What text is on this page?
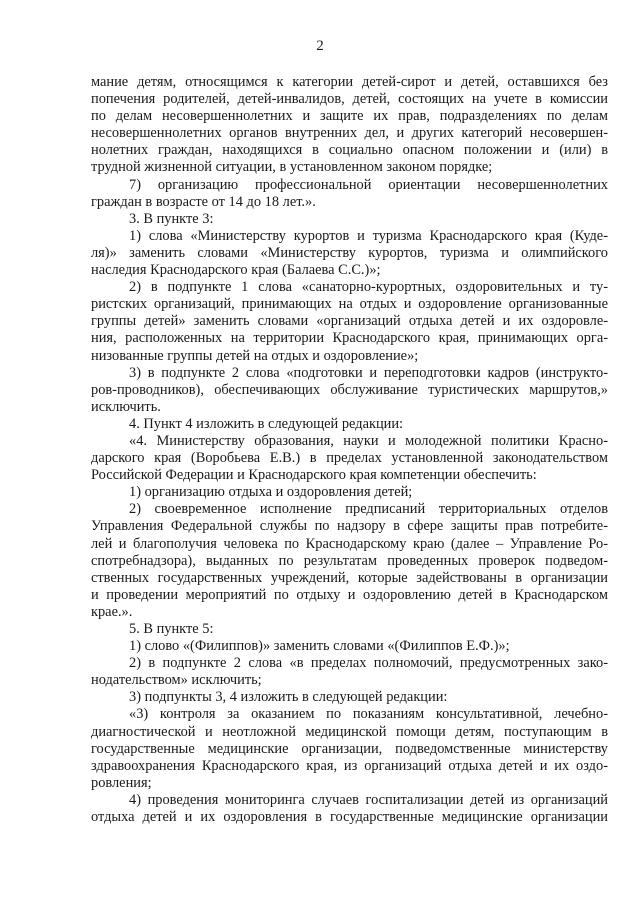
2
мание детям, относящимся к категории детей-сирот и детей, оставшихся без
попечения родителей, детей-инвалидов, детей, состоящих на учете в комиссии
по делам несовершеннолетних и защите их прав, подразделениях по делам
несовершеннолетних органов внутренних дел, и других категорий несовершен-
нолетних граждан, находящихся в социально опасном положении и (или) в
трудной жизненной ситуации, в установленном законом порядке;
7) организацию профессиональной ориентации несовершеннолетних
граждан в возрасте от 14 до 18 лет.».
3. В пункте 3:
1) слова «Министерству курортов и туризма Краснодарского края (Куде-
ля)» заменить словами «Министерству курортов, туризма и олимпийского
наследия Краснодарского края (Балаева С.С.)»;
2) в подпункте 1 слова «санаторно-курортных, оздоровительных и ту-
ристских организаций, принимающих на отдых и оздоровление организованные
группы детей» заменить словами «организаций отдыха детей и их оздоровле-
ния, расположенных на территории Краснодарского края, принимающих орга-
низованные группы детей на отдых и оздоровление»;
3) в подпункте 2 слова «подготовки и переподготовки кадров (инструкто-
ров-проводников), обеспечивающих обслуживание туристических маршрутов,»
исключить.
4. Пункт 4 изложить в следующей редакции:
«4. Министерству образования, науки и молодежной политики Красно-
дарского края (Воробьева Е.В.) в пределах установленной законодательством
Российской Федерации и Краснодарского края компетенции обеспечить:
1) организацию отдыха и оздоровления детей;
2) своевременное исполнение предписаний территориальных отделов
Управления Федеральной службы по надзору в сфере защиты прав потребите-
лей и благополучия человека по Краснодарскому краю (далее – Управление Ро-
спотребнадзора), выданных по результатам проведенных проверок подведом-
ственных государственных учреждений, которые задействованы в организации
и проведении мероприятий по отдыху и оздоровлению детей в Краснодарском
крае.».
5. В пункте 5:
1) слово «(Филиппов)» заменить словами «(Филиппов Е.Ф.)»;
2) в подпункте 2 слова «в пределах полномочий, предусмотренных зако-
нодательством» исключить;
3) подпункты 3, 4 изложить в следующей редакции:
«3) контроля за оказанием по показаниям консультативной, лечебно-
диагностической и неотложной медицинской помощи детям, поступающим в
государственные медицинские организации, подведомственные министерству
здравоохранения Краснодарского края, из организаций отдыха детей и их оздо-
ровления;
4) проведения мониторинга случаев госпитализации детей из организаций
отдыха детей и их оздоровления в государственные медицинские организации
